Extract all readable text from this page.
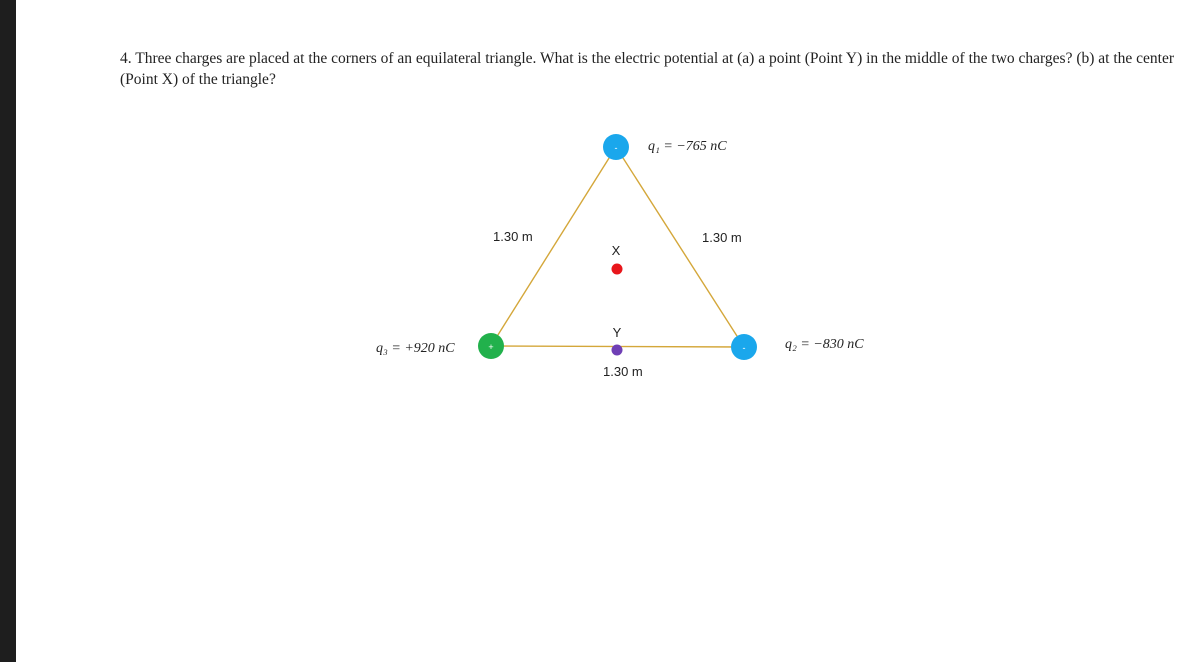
4. Three charges are placed at the corners of an equilateral triangle. What is the electric potential at (a) a point (Point Y) in the middle of the two charges? (b) at the center (Point X) of the triangle?
- q₁ = −765 nC
-	q₂ = −830 nC
+
q₃ = +920 nC
1.30 m	1.30 m
1.30 m
X
Y
